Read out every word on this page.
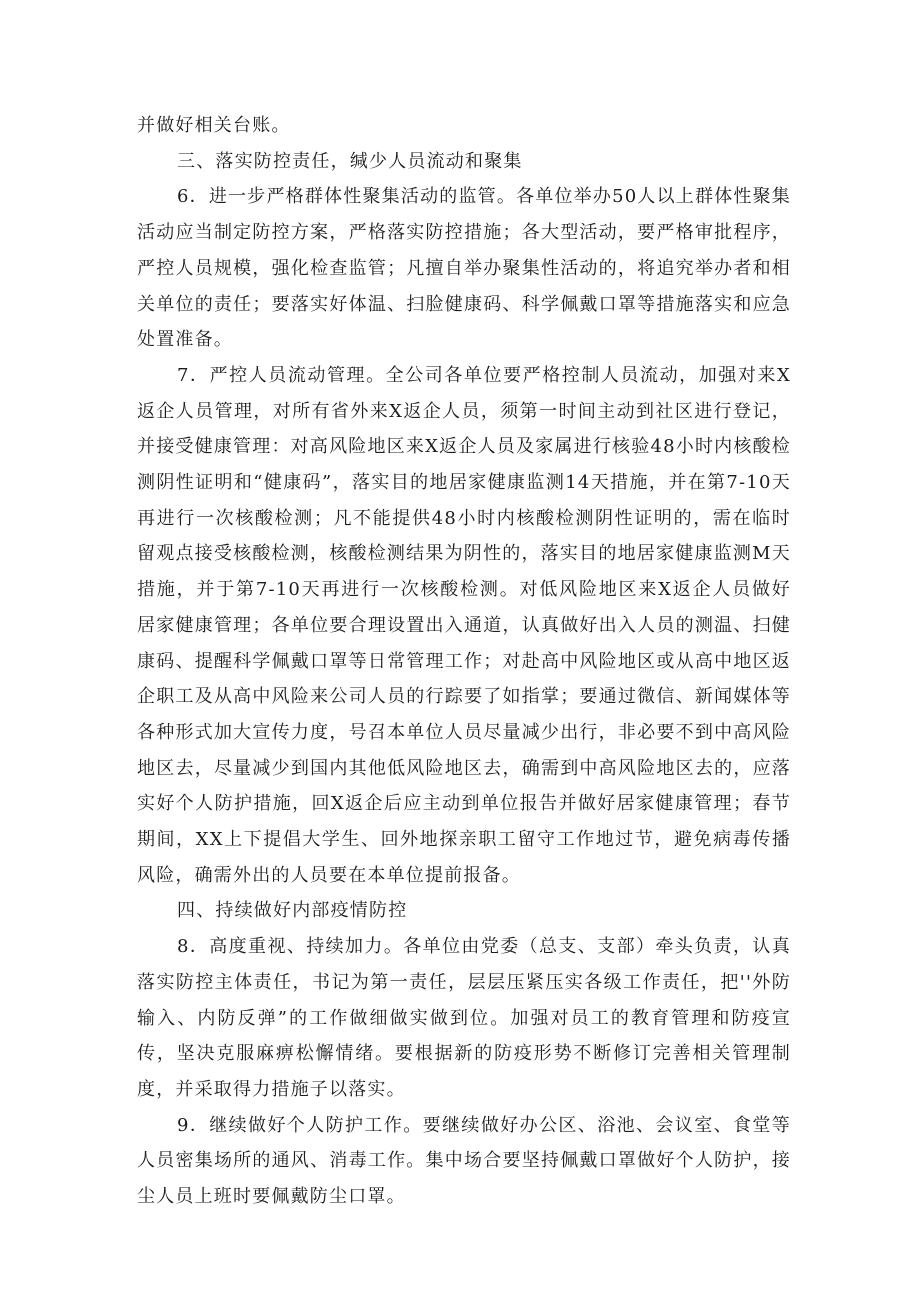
并做好相关台账。

三、落实防控责任，缄少人员流动和聚集

6．进一步严格群体性聚集活动的监管。各单位举办50人以上群体性聚集活动应当制定防控方案，严格落实防控措施；各大型活动，要严格审批程序，严控人员规模，强化检查监管；凡擅自举办聚集性活动的，将追究举办者和相关单位的责任；要落实好体温、扫脸健康码、科学佩戴口罩等措施落实和应急处置准备。

7．严控人员流动管理。全公司各单位要严格控制人员流动，加强对来X返企人员管理，对所有省外来X返企人员，须第一时间主动到社区进行登记，并接受健康管理：对高风险地区来X返企人员及家属进行核验48小时内核酸检测阴性证明和“健康码”，落实目的地居家健康监测14天措施，并在第7-10天再进行一次核酸检测；凡不能提供48小时内核酸检测阴性证明的，需在临时留观点接受核酸检测，核酸检测结果为阴性的，落实目的地居家健康监测M天措施，并于第7-10天再进行一次核酸检测。对低风险地区来X返企人员做好居家健康管理；各单位要合理设置出入通道，认真做好出入人员的测温、扫健康码、提醒科学佩戴口罩等日常管理工作；对赴高中风险地区或从高中地区返企职工及从高中风险来公司人员的行踪要了如指掌；要通过微信、新闻媒体等各种形式加大宣传力度，号召本单位人员尽量减少出行，非必要不到中高风险地区去，尽量减少到国内其他低风险地区去，确需到中高风险地区去的，应落实好个人防护措施，回X返企后应主动到单位报告并做好居家健康管理；春节期间，XX上下提倡大学生、回外地探亲职工留守工作地过节，避免病毒传播风险，确需外出的人员要在本单位提前报备。

四、持续做好内部疫情防控

8．高度重视、持续加力。各单位由党委（总支、支部）牵头负责，认真落实防控主体责任，书记为第一责任，层层压紧压实各级工作责任，把''外防输入、内防反弹”的工作做细做实做到位。加强对员工的教育管理和防疫宣传，坚决克服麻痹松懈情绪。要根据新的防疫形势不断修订完善相关管理制度，并采取得力措施子以落实。

9．继续做好个人防护工作。要继续做好办公区、浴池、会议室、食堂等人员密集场所的通风、消毒工作。集中场合要坚持佩戴口罩做好个人防护，接尘人员上班时要佩戴防尘口罩。
